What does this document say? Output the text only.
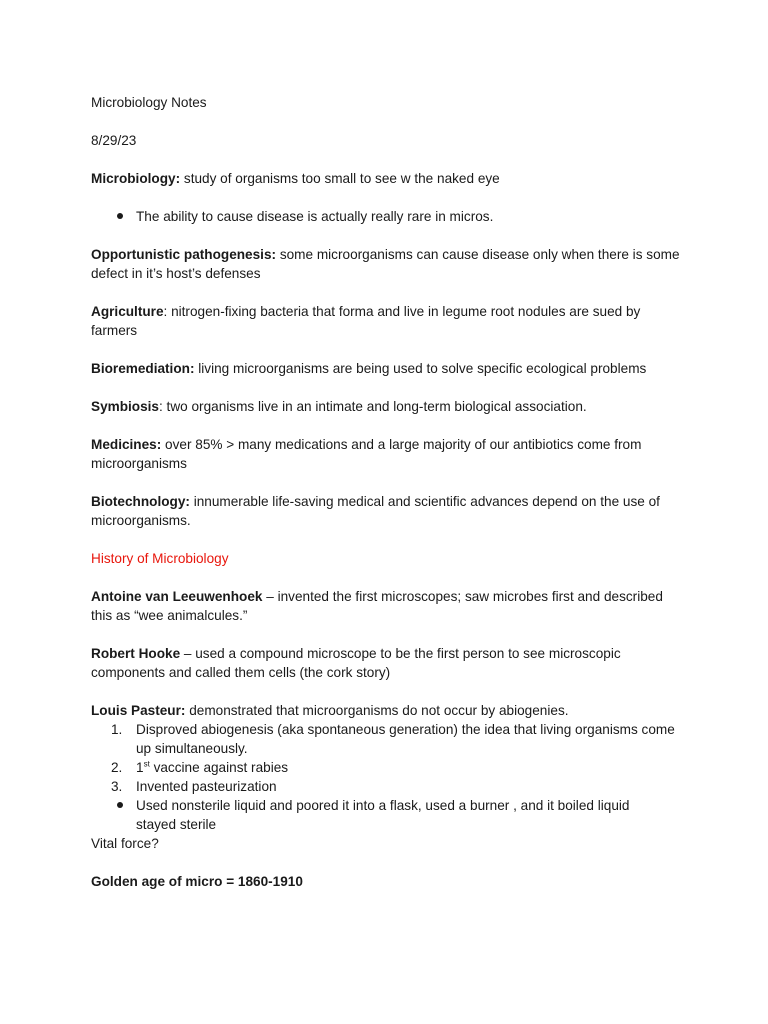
Microbiology Notes
8/29/23
Microbiology: study of organisms too small to see w the naked eye
The ability to cause disease is actually really rare in micros.
Opportunistic pathogenesis: some microorganisms can cause disease only when there is some
defect in it’s host’s defenses
Agriculture: nitrogen-fixing bacteria that forma and live in legume root nodules are sued by
farmers
Bioremediation: living microorganisms are being used to solve specific ecological problems
Symbiosis: two organisms live in an intimate and long-term biological association.
Medicines: over 85% > many medications and a large majority of our antibiotics come from
microorganisms
Biotechnology: innumerable life-saving medical and scientific advances depend on the use of
microorganisms.
History of Microbiology
Antoine van Leeuwenhoek – invented the first microscopes; saw microbes first and described
this as “wee animalcules.”
Robert Hooke – used a compound microscope to be the first person to see microscopic
components and called them cells (the cork story)
Louis Pasteur: demonstrated that microorganisms do not occur by abiogenies.
1. Disproved abiogenesis (aka spontaneous generation) the idea that living organisms come
up simultaneously.
2. 1st vaccine against rabies
3. Invented pasteurization
Used nonsterile liquid and poored it into a flask, used a burner , and it boiled liquid
stayed sterile
Vital force?
Golden age of micro = 1860-1910
